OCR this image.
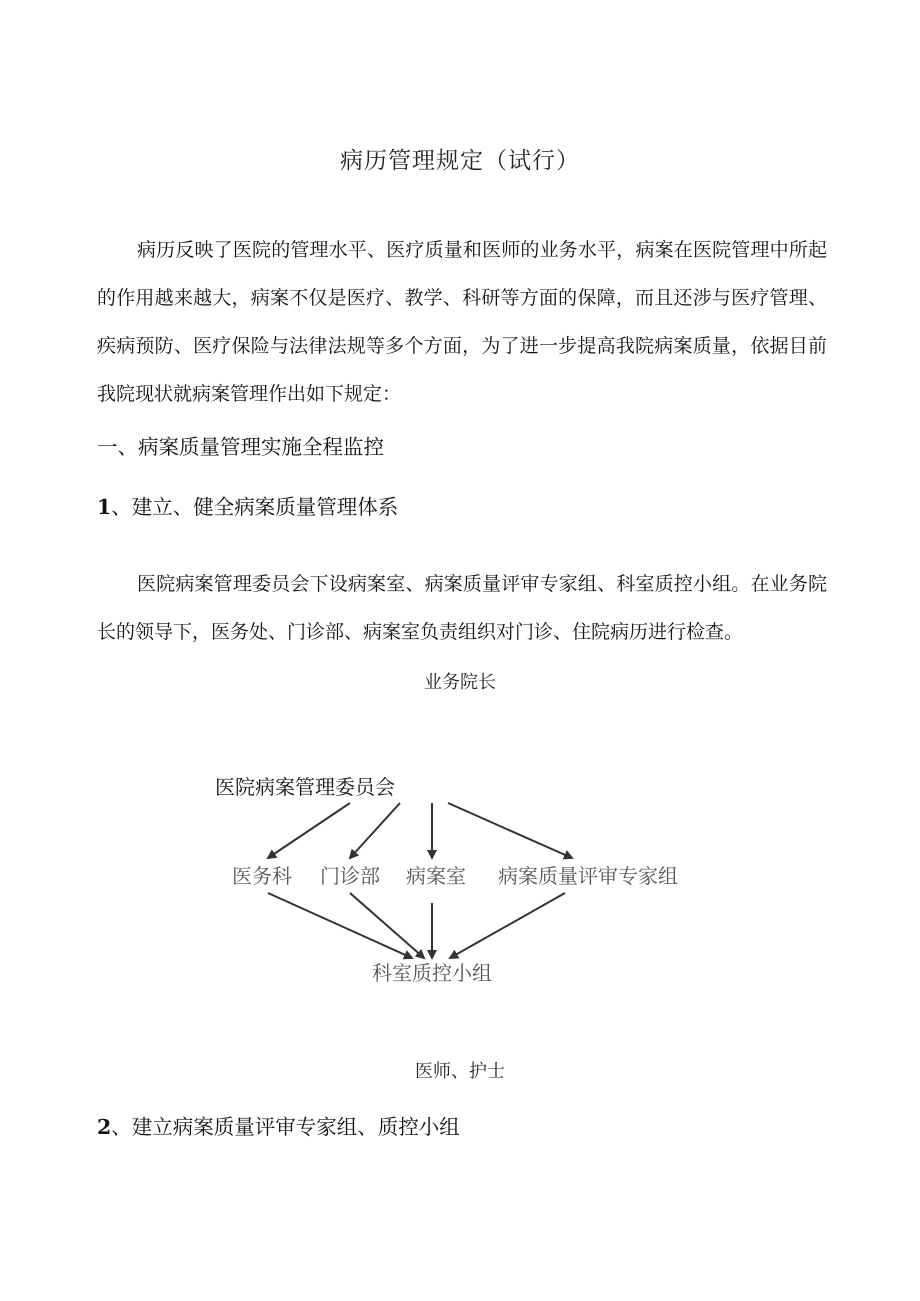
病历管理规定（试行）

病历反映了医院的管理水平、医疗质量和医师的业务水平，病案在医院管理中所起的作用越来越大，病案不仅是医疗、教学、科研等方面的保障，而且还涉与医疗管理、疾病预防、医疗保险与法律法规等多个方面，为了进一步提高我院病案质量，依据目前我院现状就病案管理作出如下规定：

一、病案质量管理实施全程监控
1、建立、健全病案质量管理体系

医院病案管理委员会下设病案室、病案质量评审专家组、科室质控小组。在业务院长的领导下，医务处、门诊部、病案室负责组织对门诊、住院病历进行检查。

业务院长
医院病案管理委员会
医务科 门诊部 病案室 病案质量评审专家组
科室质控小组
医师、护士
2、建立病案质量评审专家组、质控小组
